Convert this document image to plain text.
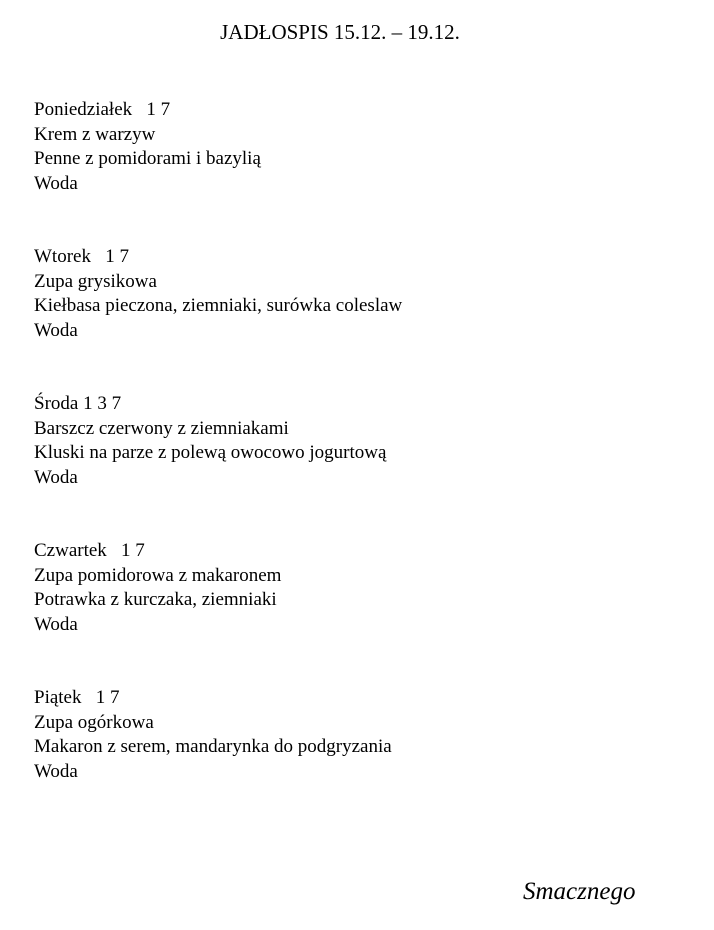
JADŁOSPIS 15.12. – 19.12.
Poniedziałek   1 7
Krem z warzyw
Penne z pomidorami i bazylią
Woda
Wtorek   1 7
Zupa grysikowa
Kiełbasa pieczona, ziemniaki, surówka coleslaw
Woda
Środa 1 3 7
Barszcz czerwony z ziemniakami
Kluski na parze z polewą owocowo jogurtową
Woda
Czwartek   1 7
Zupa pomidorowa z makaronem
Potrawka z kurczaka, ziemniaki
Woda
Piątek   1 7
Zupa ogórkowa
Makaron z serem, mandarynka do podgryzania
Woda
Smacznego
